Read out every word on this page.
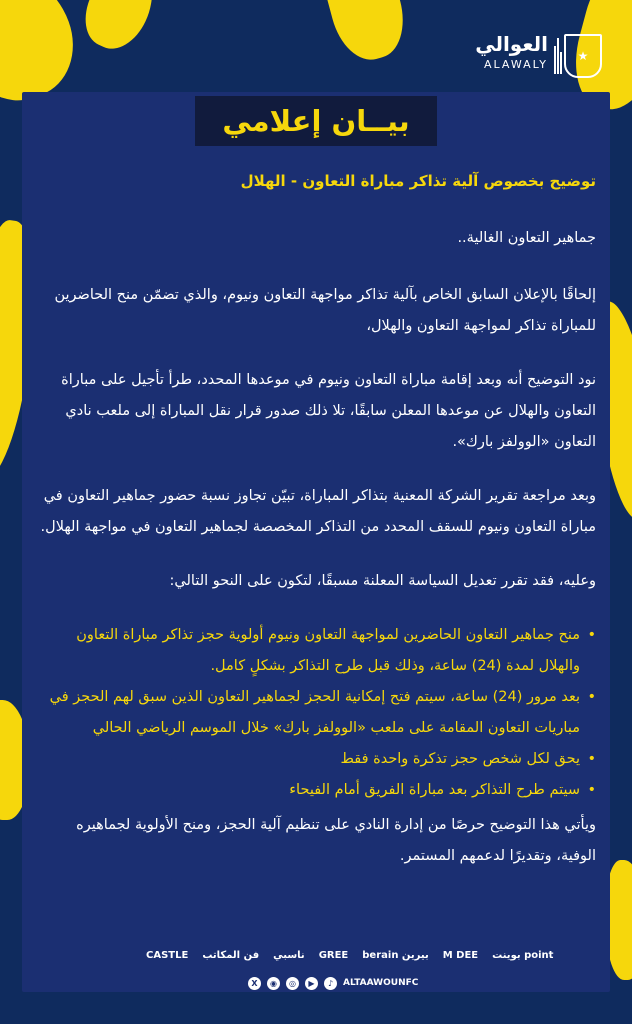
العوالي
ALAWALY
★
بيــان إعلامي

توضيح بخصوص آلية تذاكر مباراة التعاون - الهلال

جماهير التعاون الغالية..

إلحاقًا بالإعلان السابق الخاص بآلية تذاكر مواجهة التعاون ونيوم، والذي تضمّن منح الحاضرين للمباراة تذاكر لمواجهة التعاون والهلال،

نود التوضيح أنه وبعد إقامة مباراة التعاون ونيوم في موعدها المحدد، طرأ تأجيل على مباراة التعاون والهلال عن موعدها المعلن سابقًا، تلا ذلك صدور قرار نقل المباراة إلى ملعب نادي التعاون «الوولفز بارك».

وبعد مراجعة تقرير الشركة المعنية بتذاكر المباراة، تبيّن تجاوز نسبة حضور جماهير التعاون في مباراة التعاون ونيوم للسقف المحدد من التذاكر المخصصة لجماهير التعاون في مواجهة الهلال.

وعليه، فقد تقرر تعديل السياسة المعلنة مسبقًا، لتكون على النحو التالي:

• منح جماهير التعاون الحاضرين لمواجهة التعاون ونيوم أولوية حجز تذاكر مباراة التعاون والهلال لمدة (24) ساعة، وذلك قبل طرح التذاكر بشكلٍ كامل.
• بعد مرور (24) ساعة، سيتم فتح إمكانية الحجز لجماهير التعاون الذين سبق لهم الحجز في مباريات التعاون المقامة على ملعب «الوولفز بارك» خلال الموسم الرياضي الحالي
• يحق لكل شخص حجز تذكرة واحدة فقط
• سيتم طرح التذاكر بعد مباراة الفريق أمام الفيحاء

ويأتي هذا التوضيح حرصًا من إدارة النادي على تنظيم آلية الحجز، ومنح الأولوية لجماهيره الوفية، وتقديرًا لدعمهم المستمر.

CASTLE فن المكاتب ناسبي GREE berain بيرين M DEE بوينت point
X	◉	◎	▶	♪	ALTAAWOUNFC
